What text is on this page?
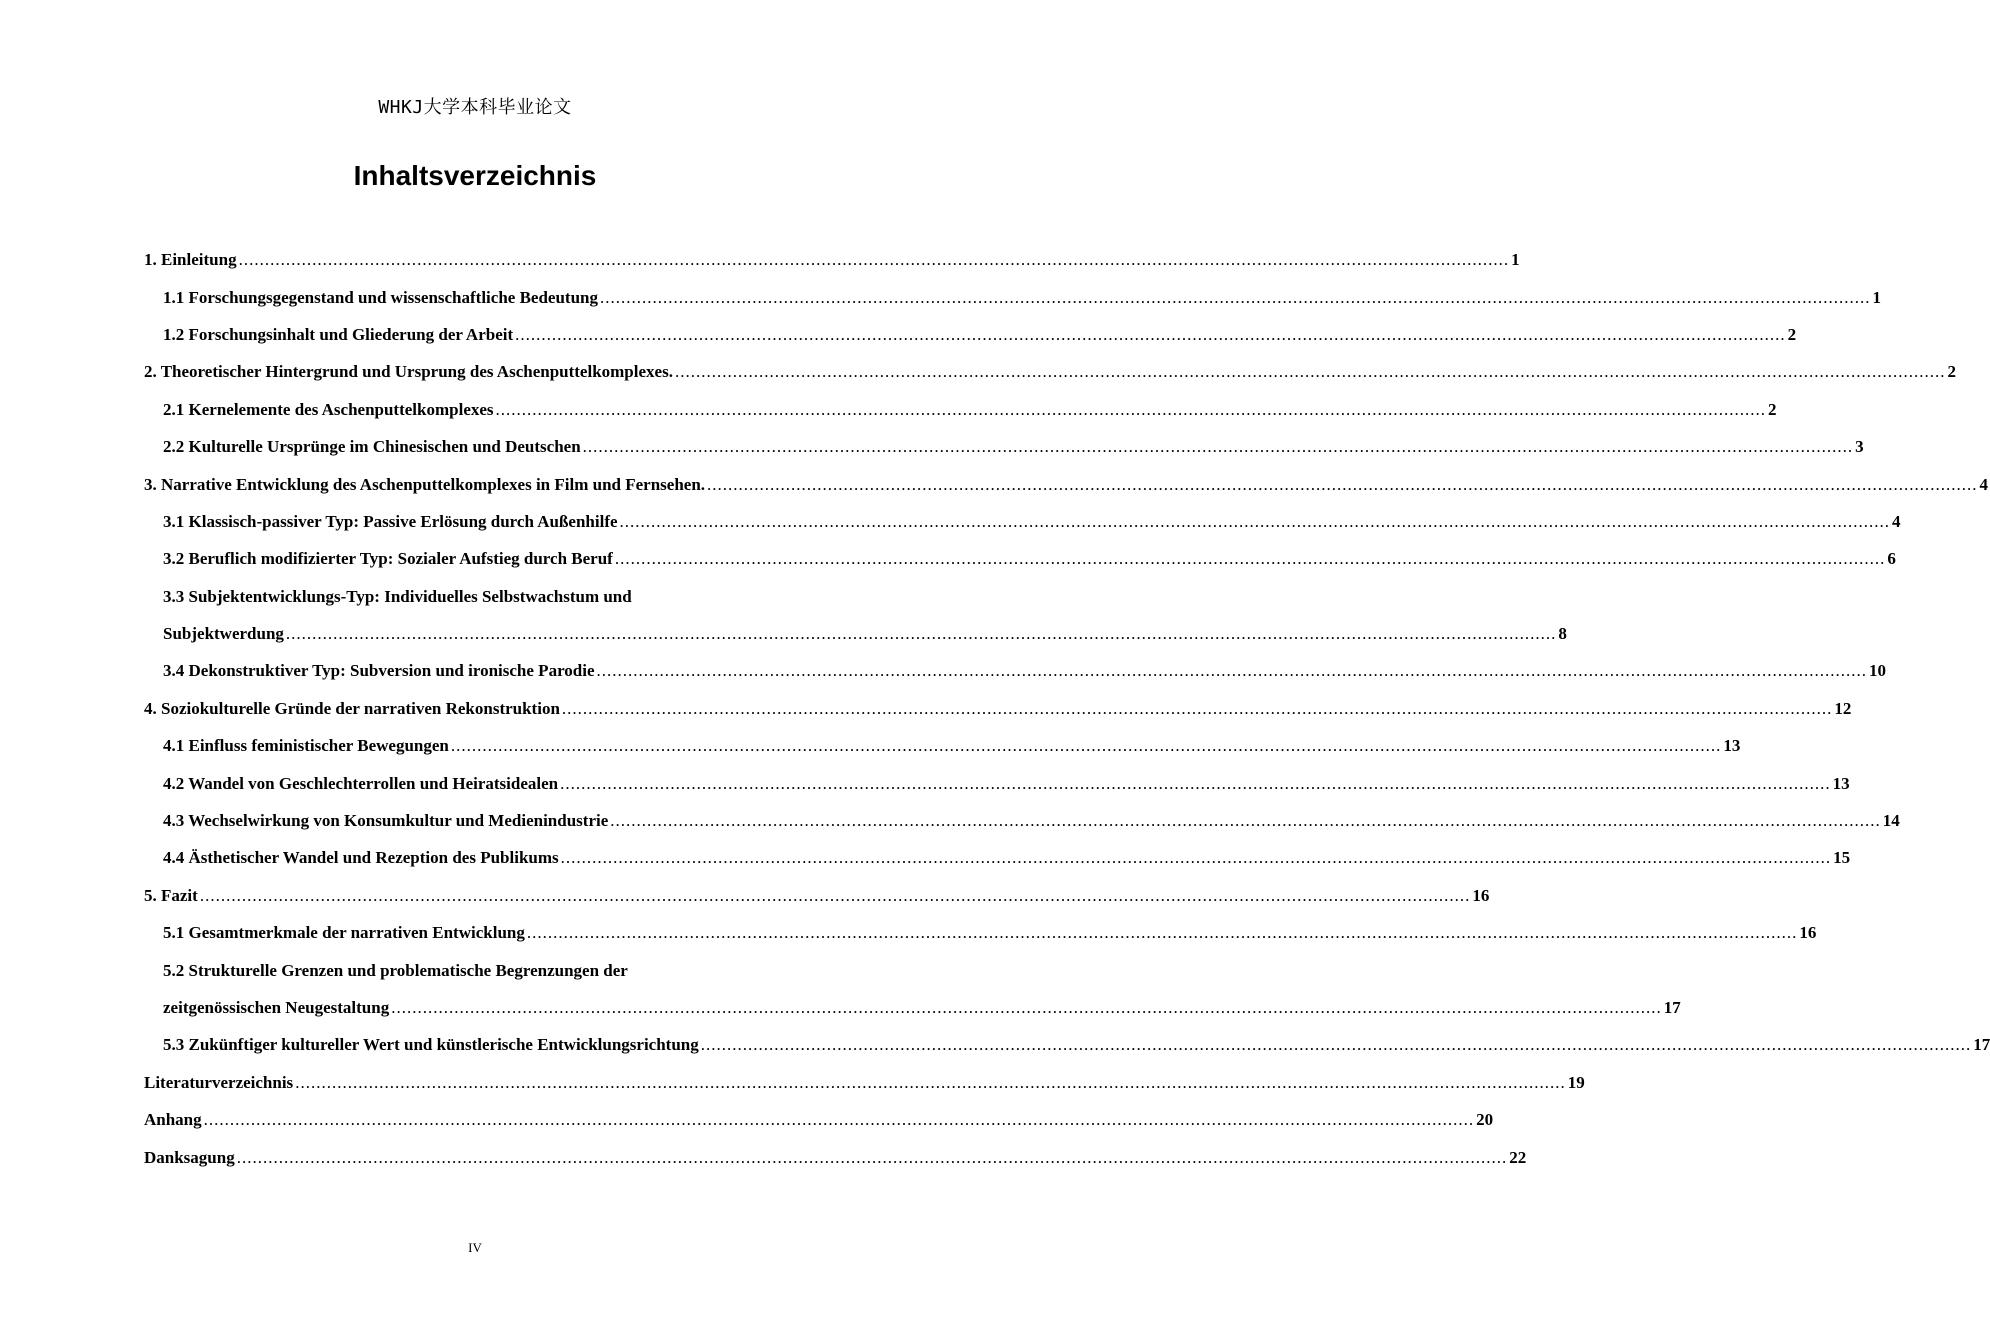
WHKJ大学本科毕业论文
Inhaltsverzeichnis
1. Einleitung .....	1
1.1 Forschungsgegenstand und wissenschaftliche Bedeutung .....	1
1.2 Forschungsinhalt und Gliederung der Arbeit .....	2
2. Theoretischer Hintergrund und Ursprung des Aschenputtelkomplexes. .....	2
2.1 Kernelemente des Aschenputtelkomplexes .....	2
2.2 Kulturelle Ursprünge im Chinesischen und Deutschen .....	3
3. Narrative Entwicklung des Aschenputtelkomplexes in Film und Fernsehen. .....	4
3.1 Klassisch-passiver Typ: Passive Erlösung durch Außenhilfe .....	4
3.2 Beruflich modifizierter Typ: Sozialer Aufstieg durch Beruf .....	6
3.3 Subjektentwicklungs-Typ: Individuelles Selbstwachstum und
Subjektwerdung .....	8
3.4 Dekonstruktiver Typ: Subversion und ironische Parodie .....	10
4. Soziokulturelle Gründe der narrativen Rekonstruktion .....	12
4.1 Einfluss feministischer Bewegungen .....	13
4.2 Wandel von Geschlechterrollen und Heiratsidealen .....	13
4.3 Wechselwirkung von Konsumkultur und Medienindustrie .....	14
4.4 Ästhetischer Wandel und Rezeption des Publikums .....	15
5. Fazit .....	16
5.1 Gesamtmerkmale der narrativen Entwicklung .....	16
5.2 Strukturelle Grenzen und problematische Begrenzungen der
zeitgenössischen Neugestaltung .....	17
5.3 Zukünftiger kultureller Wert und künstlerische Entwicklungsrichtung .....	17
Literaturverzeichnis .....	19
Anhang .....	20
Danksagung .....	22
IV
